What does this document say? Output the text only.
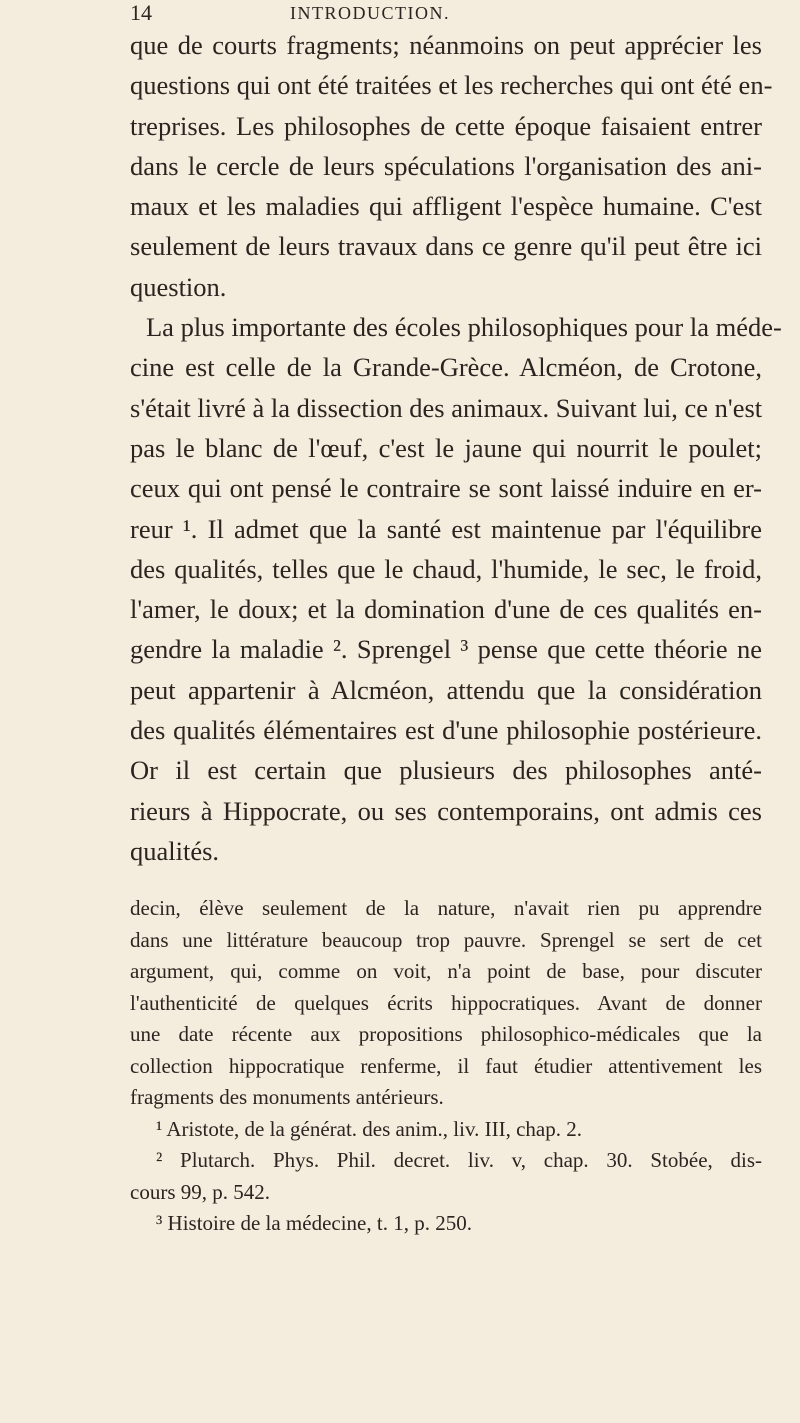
14	INTRODUCTION.
que de courts fragments; néanmoins on peut apprécier les
questions qui ont été traitées et les recherches qui ont été en-
treprises. Les philosophes de cette époque faisaient entrer
dans le cercle de leurs spéculations l'organisation des ani-
maux et les maladies qui affligent l'espèce humaine. C'est
seulement de leurs travaux dans ce genre qu'il peut être ici
question.
La plus importante des écoles philosophiques pour la méde-
cine est celle de la Grande-Grèce. Alcméon, de Crotone,
s'était livré à la dissection des animaux. Suivant lui, ce n'est
pas le blanc de l'œuf, c'est le jaune qui nourrit le poulet;
ceux qui ont pensé le contraire se sont laissé induire en er-
reur ¹. Il admet que la santé est maintenue par l'équilibre
des qualités, telles que le chaud, l'humide, le sec, le froid,
l'amer, le doux; et la domination d'une de ces qualités en-
gendre la maladie ². Sprengel ³ pense que cette théorie ne
peut appartenir à Alcméon, attendu que la considération
des qualités élémentaires est d'une philosophie postérieure.
Or il est certain que plusieurs des philosophes anté-
rieurs à Hippocrate, ou ses contemporains, ont admis ces
qualités.
decin, élève seulement de la nature, n'avait rien pu apprendre
dans une littérature beaucoup trop pauvre. Sprengel se sert de cet
argument, qui, comme on voit, n'a point de base, pour discuter
l'authenticité de quelques écrits hippocratiques. Avant de donner
une date récente aux propositions philosophico-médicales que la
collection hippocratique renferme, il faut étudier attentivement les
fragments des monuments antérieurs.
¹ Aristote, de la générat. des anim., liv. III, chap. 2.
² Plutarch. Phys. Phil. decret. liv. v, chap. 30. Stobée, dis-
cours 99, p. 542.
³ Histoire de la médecine, t. 1, p. 250.
